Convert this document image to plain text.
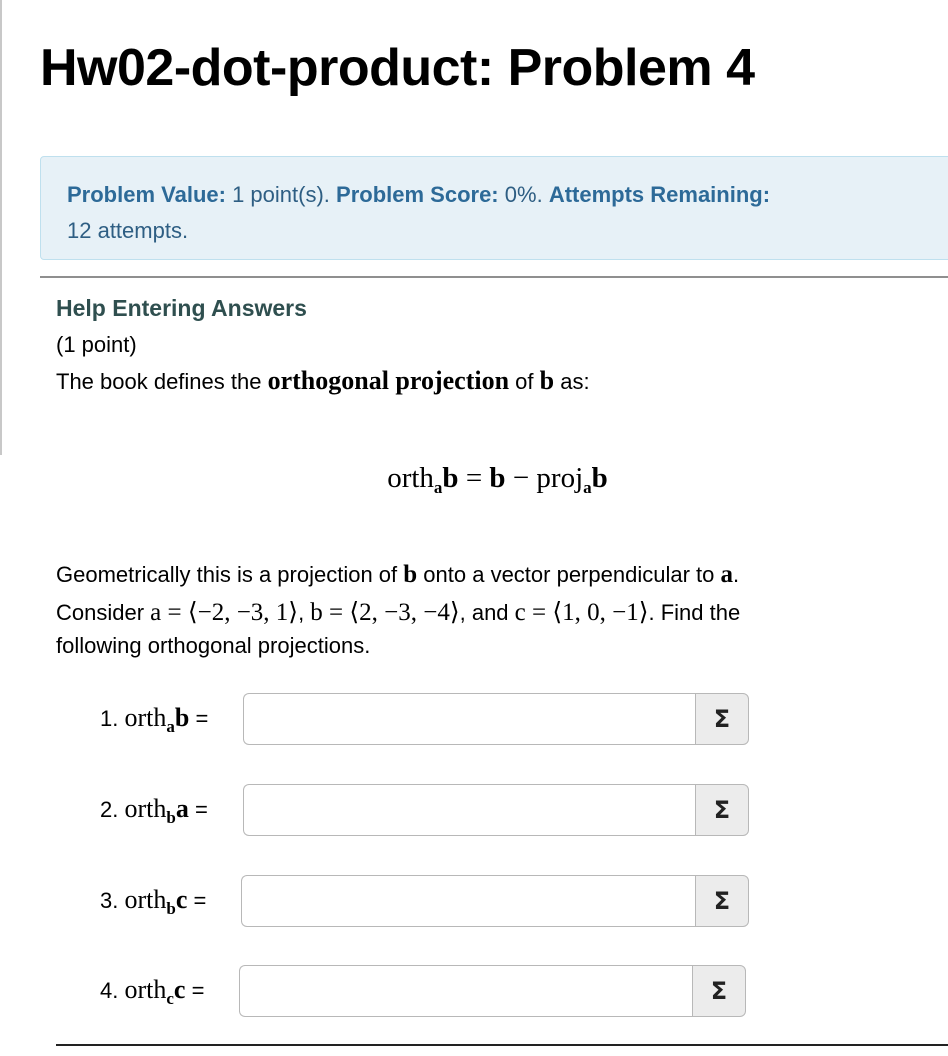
Hw02-dot-product: Problem 4
Problem Value: 1 point(s). Problem Score: 0%. Attempts Remaining:
12 attempts.
Help Entering Answers
(1 point)
The book defines the orthogonal projection of b as:
orth$_a$b = b − proj$_a$b
Geometrically this is a projection of b onto a vector perpendicular to a.
Consider a = ⟨−2, −3, 1⟩, b = ⟨2, −3, −4⟩, and c = ⟨1, 0, −1⟩. Find the
following orthogonal projections.
1. orth$_a$b =	Σ
2. orth$_b$a =	Σ
3. orth$_b$c =	Σ
4. orth$_c$c =	Σ
